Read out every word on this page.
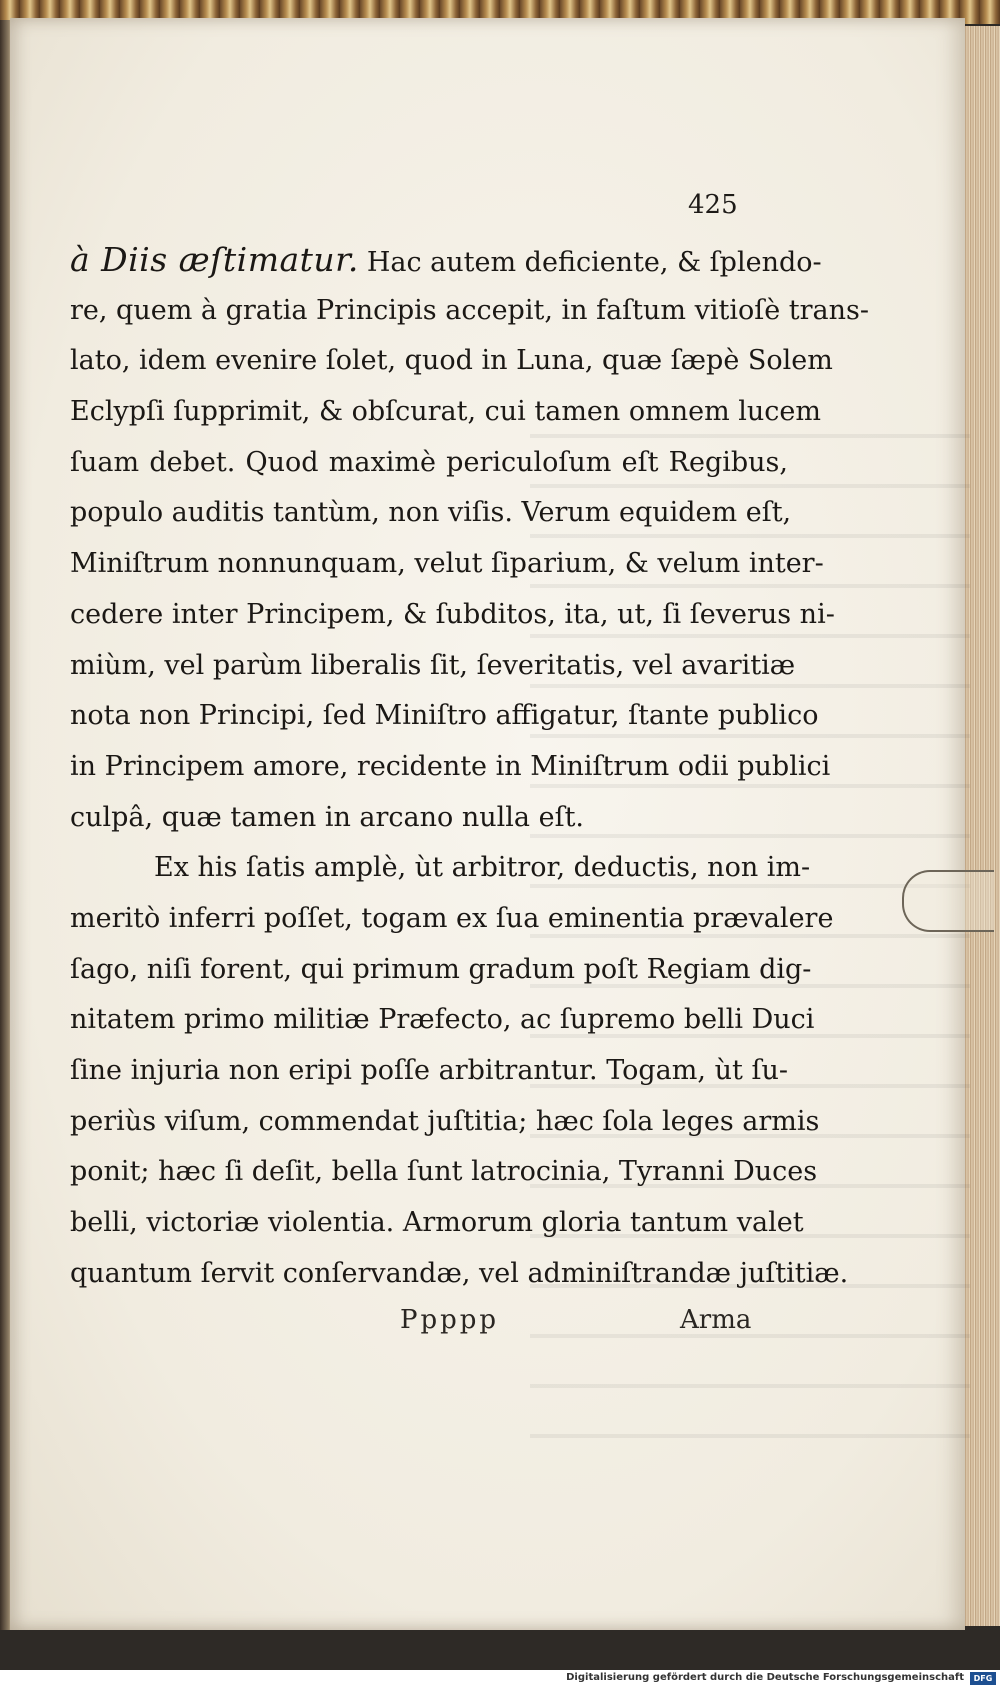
425
à Diis æſtimatur. Hac autem deficiente, & ſplendo-
re, quem à gratia Principis accepit, in faſtum vitioſè trans-
lato, idem evenire ſolet, quod in Luna, quæ ſæpè Solem
Eclypſi ſupprimit, & obſcurat, cui tamen omnem lucem
ſuam debet. Quod maximè periculoſum eſt Regibus,
populo auditis tantùm, non viſis. Verum equidem eſt,
Miniſtrum nonnunquam, velut ſiparium, & velum inter-
cedere inter Principem, & ſubditos, ita, ut, ſi ſeverus ni-
miùm, vel parùm liberalis ſit, ſeveritatis, vel avaritiæ
nota non Principi, ſed Miniſtro affigatur, ſtante publico
in Principem amore, recidente in Miniſtrum odii publici
culpâ, quæ tamen in arcano nulla eſt.
Ex his ſatis amplè, ùt arbitror, deductis, non im-
meritò inferri poſſet, togam ex ſua eminentia prævalere
ſago, niſi forent, qui primum gradum poſt Regiam dig-
nitatem primo militiæ Præfecto, ac ſupremo belli Duci
ſine injuria non eripi poſſe arbitrantur. Togam, ùt ſu-
periùs viſum, commendat juſtitia; hæc ſola leges armis
ponit; hæc ſi deſit, bella ſunt latrocinia, Tyranni Duces
belli, victoriæ violentia. Armorum gloria tantum valet
quantum ſervit conſervandæ, vel adminiſtrandæ juſtitiæ.
Ppppp	Arma
Digitalisierung gefördert durch die Deutsche Forschungsgemeinschaft	DFG
